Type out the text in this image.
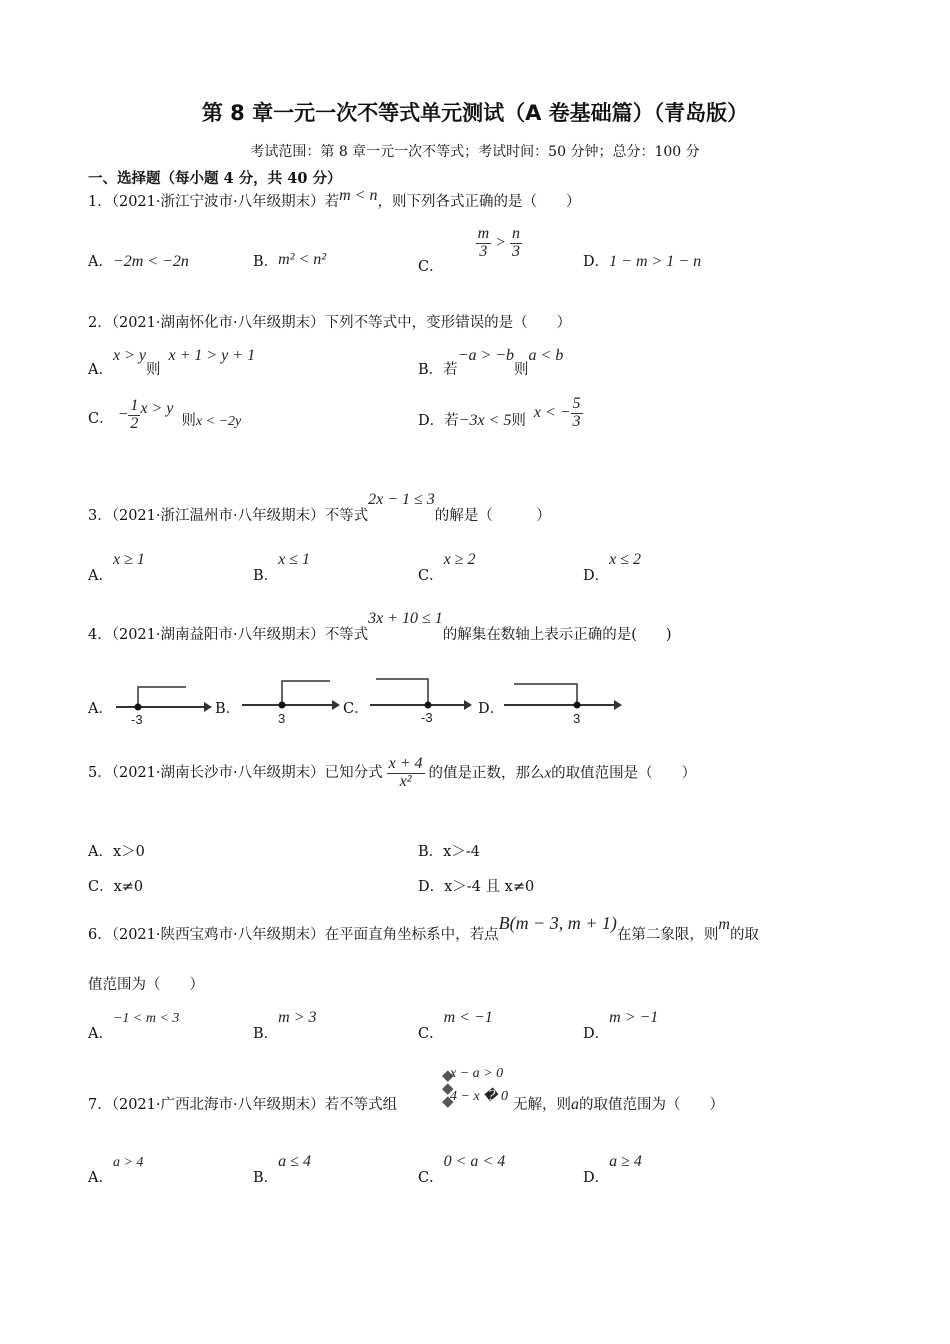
第 8 章一元一次不等式单元测试（A 卷基础篇）（青岛版）
考试范围：第 8 章一元一次不等式；考试时间：50 分钟；总分：100 分
一、选择题（每小题 4 分，共 40 分）
1．（2021·浙江宁波市·八年级期末）若m < n，则下列各式正确的是（　　）
A．−2m < −2n	B．m² < n²	C．
$\frac{m}{3} > \frac{n}{3}$
D．1 − m > 1 − n
2．（2021·湖南怀化市·八年级期末）下列不等式中，变形错误的是（　　）
A．x > y则x + 1 > y + 1
B．若−a > −b则a < b
C． − $\frac{1}{2}$ x > y 则x < −2y	D．若−3x < 5则 x < − $\frac{5}{3}$
3．（2021·浙江温州市·八年级期末）不等式2x − 1 ≤ 3的解是（　　　）
A．x ≥ 1
B．x ≤ 1
C．x ≥ 2
D．x ≤ 2
4．（2021·湖南益阳市·八年级期末）不等式3x + 10 ≤ 1的解集在数轴上表示正确的是(　　)
A．
-3
B．
3
C．
-3
D．
3
5．（2021·湖南长沙市·八年级期末）已知分式 $\frac{x + 4}{\text{x²}}$ 的值是正数，那么x的取值范围是（　　）
A．x＞0	B．x＞-4
C．x≠0	D．x＞-4 且 x≠0
6．（2021·陕西宝鸡市·八年级期末）在平面直角坐标系中，若点B(m − 3, m + 1)在第二象限，则m的取
值范围为（　　）
A．−1 < m < 3
B．m > 3
C．m < −1
D．m > −1
7．（2021·广西北海市·八年级期末）若不等式组
◆
◆
◆
x − a > 0
4 − x � 0
无解，则a的取值范围为（　　）
A．a > 4
B．a ≤ 4
C．0 < a < 4
D．a ≥ 4
